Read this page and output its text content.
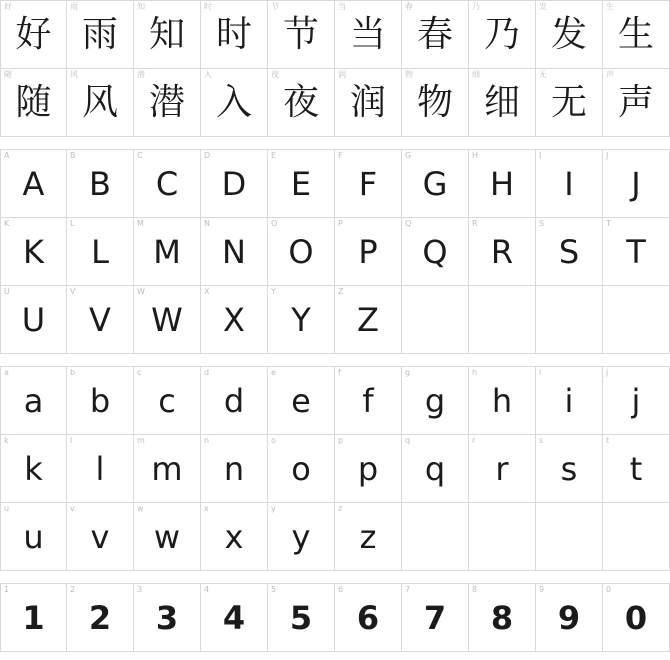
好
好
雨
雨
知
知
时
时
节
节
当
当
春
春
乃
乃
发
发
生
生
随
随
风
风
潜
潜
入
入
夜
夜
润
润
物
物
细
细
无
无
声
声
A
A
B
B
C
C
D
D
E
E
F
F
G
G
H
H
I
I
J
J
K
K
L
L
M
M
N
N
O
O
P
P
Q
Q
R
R
S
S
T
T
U
U
V
V
W
W
X
X
Y
Y
Z
Z
a
a
b
b
c
c
d
d
e
e
f
f
g
g
h
h
i
i
j
j
k
k
l
l
m
m
n
n
o
o
p
p
q
q
r
r
s
s
t
t
u
u
v
v
w
w
x
x
y
y
z
z
1
1
2
2
3
3
4
4
5
5
6
6
7
7
8
8
9
9
0
0
